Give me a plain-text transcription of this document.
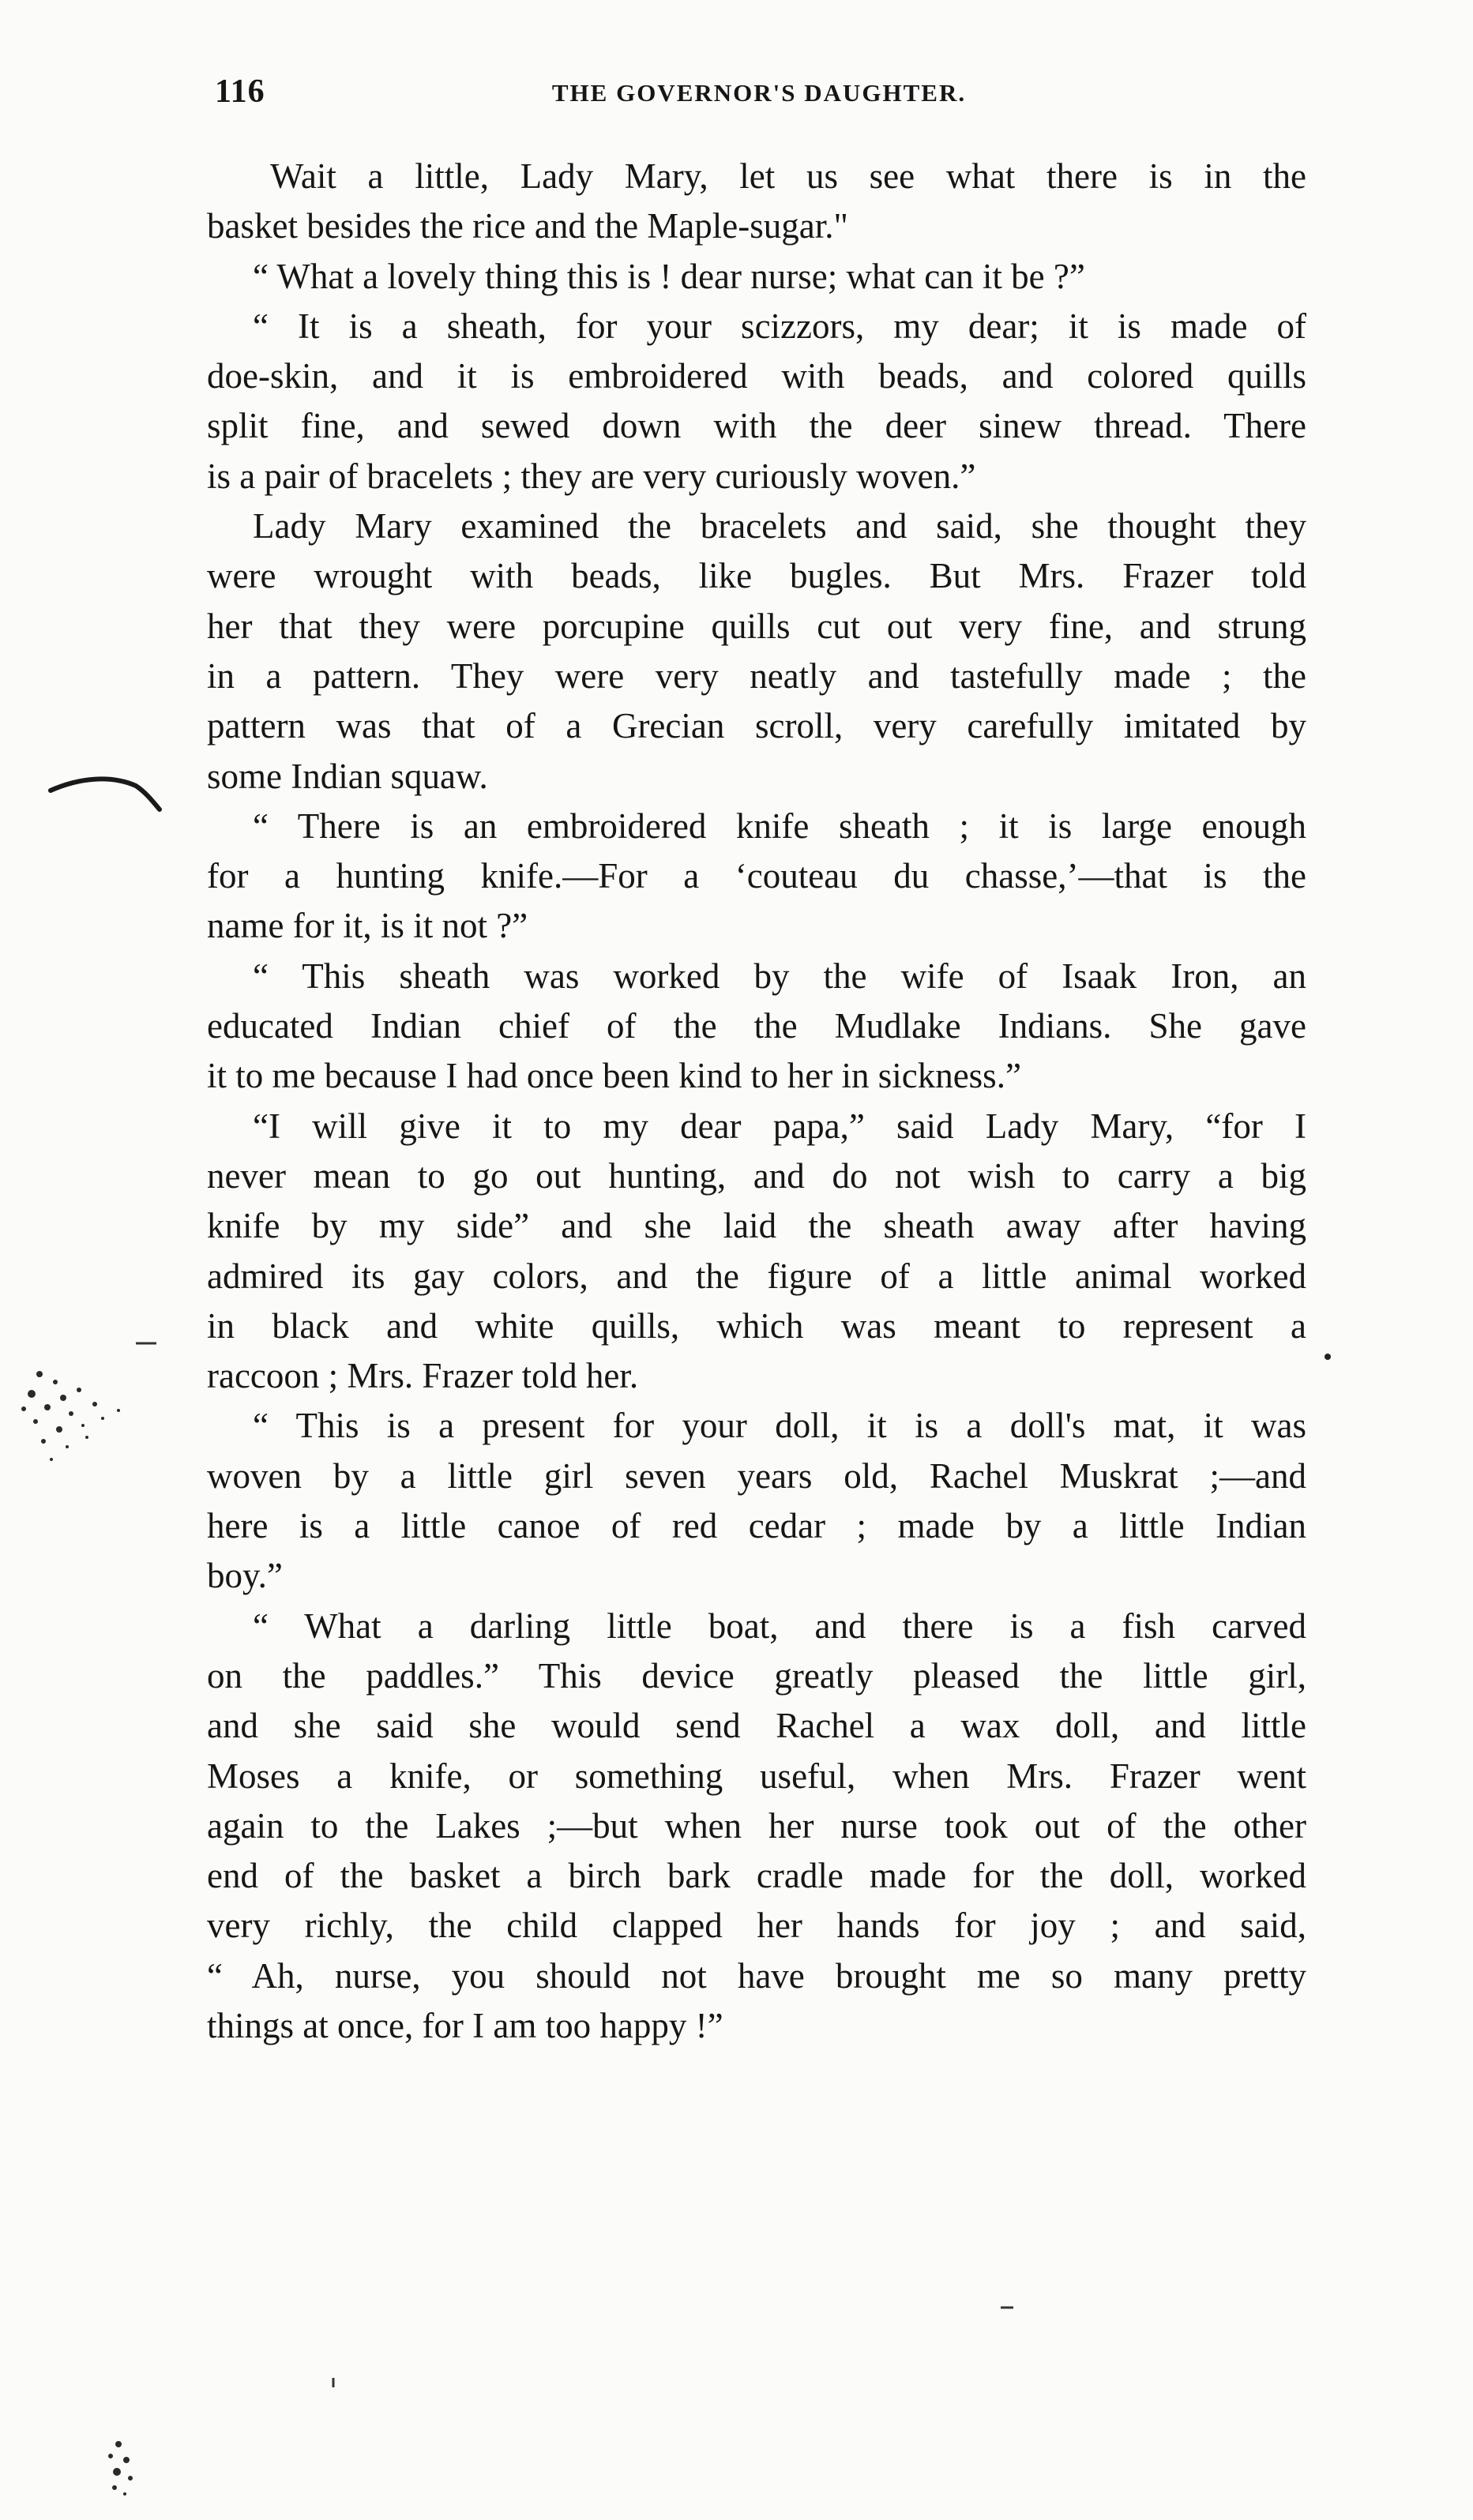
116	THE GOVERNOR'S DAUGHTER.
Wait a little, Lady Mary, let us see what there is in the
basket besides the rice and the Maple-sugar."
“ What a lovely thing this is ! dear nurse; what can it be ?”
“ It is a sheath, for your scizzors, my dear; it is made of
doe-skin, and it is embroidered with beads, and colored quills
split fine, and sewed down with the deer sinew thread. There
is a pair of bracelets ; they are very curiously woven.”
Lady Mary examined the bracelets and said, she thought they
were wrought with beads, like bugles. But Mrs. Frazer told
her that they were porcupine quills cut out very fine, and strung
in a pattern. They were very neatly and tastefully made ; the
pattern was that of a Grecian scroll, very carefully imitated by
some Indian squaw.
“ There is an embroidered knife sheath ; it is large enough
for a hunting knife.—For a ‘couteau du chasse,’—that is the
name for it, is it not ?”
“ This sheath was worked by the wife of Isaak Iron, an
educated Indian chief of the the Mudlake Indians. She gave
it to me because I had once been kind to her in sickness.”
“I will give it to my dear papa,” said Lady Mary, “for I
never mean to go out hunting, and do not wish to carry a big
knife by my side” and she laid the sheath away after having
admired its gay colors, and the figure of a little animal worked
in black and white quills, which was meant to represent a
raccoon ; Mrs. Frazer told her.
“ This is a present for your doll, it is a doll's mat, it was
woven by a little girl seven years old, Rachel Muskrat ;—and
here is a little canoe of red cedar ; made by a little Indian
boy.”
“ What a darling little boat, and there is a fish carved
on the paddles.” This device greatly pleased the little girl,
and she said she would send Rachel a wax doll, and little
Moses a knife, or something useful, when Mrs. Frazer went
again to the Lakes ;—but when her nurse took out of the other
end of the basket a birch bark cradle made for the doll, worked
very richly, the child clapped her hands for joy ; and said,
“ Ah, nurse, you should not have brought me so many pretty
things at once, for I am too happy !”
